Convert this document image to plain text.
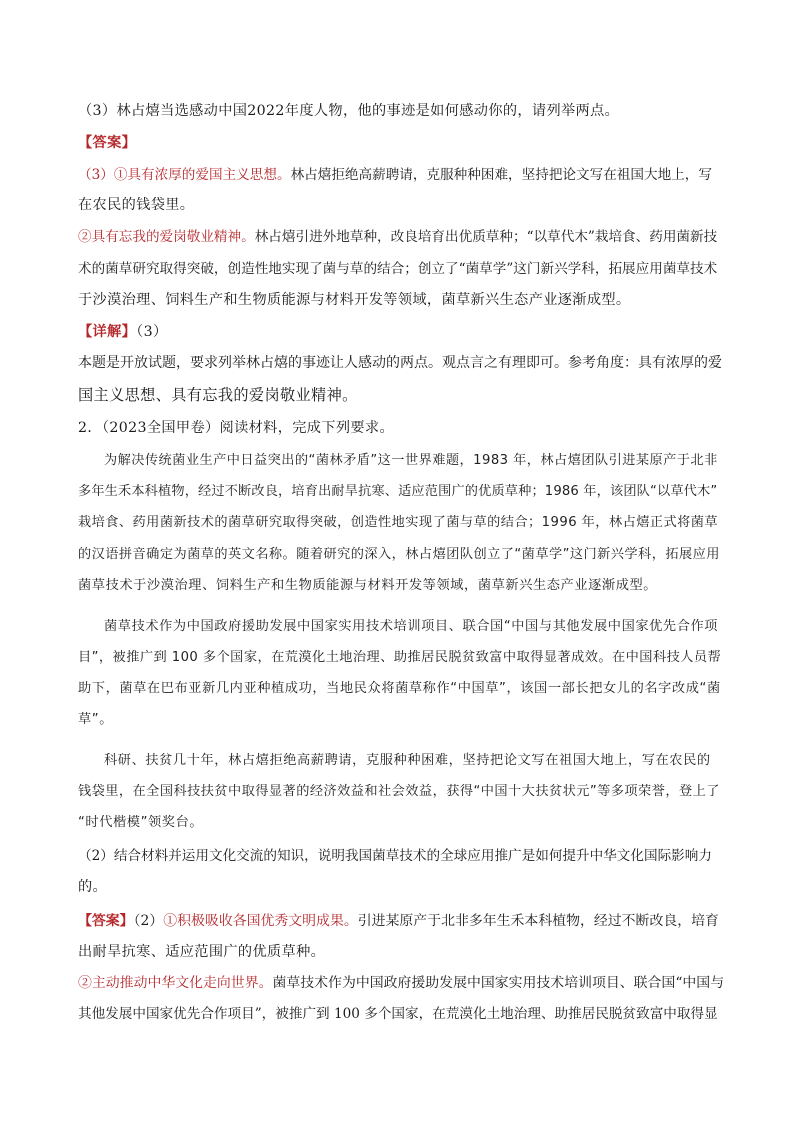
（3）林占熺当选感动中国2022年度人物，他的事迹是如何感动你的，请列举两点。
【答案】
（3）①具有浓厚的爱国主义思想。林占熺拒绝高薪聘请，克服种种困难，坚持把论文写在祖国大地上，写
在农民的钱袋里。
②具有忘我的爱岗敬业精神。林占熺引进外地草种，改良培育出优质草种；“以草代木”栽培食、药用菌新技
术的菌草研究取得突破，创造性地实现了菌与草的结合；创立了“菌草学”这门新兴学科，拓展应用菌草技术
于沙漠治理、饲料生产和生物质能源与材料开发等领域，菌草新兴生态产业逐渐成型。
【详解】（3）
本题是开放试题，要求列举林占熺的事迹让人感动的两点。观点言之有理即可。参考角度：具有浓厚的爱
国主义思想、具有忘我的爱岗敬业精神。
2．（2023全国甲卷）阅读材料，完成下列要求。
为解决传统菌业生产中日益突出的“菌林矛盾”这一世界难题，1983 年，林占熺团队引进某原产于北非
多年生禾本科植物，经过不断改良，培育出耐旱抗寒、适应范围广的优质草种；1986 年，该团队“以草代木”
栽培食、药用菌新技术的菌草研究取得突破，创造性地实现了菌与草的结合；1996 年，林占熺正式将菌草
的汉语拼音确定为菌草的英文名称。随着研究的深入，林占熺团队创立了“菌草学”这门新兴学科，拓展应用
菌草技术于沙漠治理、饲料生产和生物质能源与材料开发等领域，菌草新兴生态产业逐渐成型。
菌草技术作为中国政府援助发展中国家实用技术培训项目、联合国“中国与其他发展中国家优先合作项
目”，被推广到 100 多个国家，在荒漠化土地治理、助推居民脱贫致富中取得显著成效。在中国科技人员帮
助下，菌草在巴布亚新几内亚种植成功，当地民众将菌草称作“中国草”，该国一部长把女儿的名字改成“菌
草”。
科研、扶贫几十年，林占熺拒绝高薪聘请，克服种种困难，坚持把论文写在祖国大地上，写在农民的
钱袋里，在全国科技扶贫中取得显著的经济效益和社会效益，获得“中国十大扶贫状元”等多项荣誉，登上了
“时代楷模”领奖台。
（2）结合材料并运用文化交流的知识，说明我国菌草技术的全球应用推广是如何提升中华文化国际影响力
的。
【答案】（2）①积极吸收各国优秀文明成果。引进某原产于北非多年生禾本科植物，经过不断改良，培育
出耐旱抗寒、适应范围广的优质草种。
②主动推动中华文化走向世界。菌草技术作为中国政府援助发展中国家实用技术培训项目、联合国“中国与
其他发展中国家优先合作项目”，被推广到 100 多个国家，在荒漠化土地治理、助推居民脱贫致富中取得显
